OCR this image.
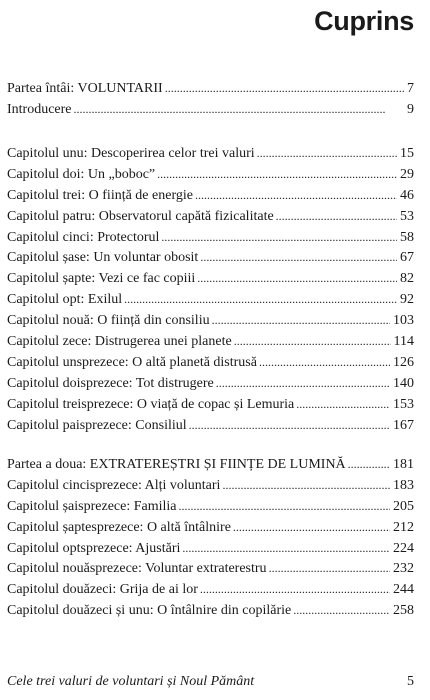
Cuprins
Partea întâi: VOLUNTARII . . .	7
Introducere . . .	9
Capitolul unu: Descoperirea celor trei valuri . . .	15
Capitolul doi: Un „boboc” . . .	29
Capitolul trei: O ființă de energie . . .	46
Capitolul patru: Observatorul capătă fizicalitate . . .	53
Capitolul cinci: Protectorul . . .	58
Capitolul șase: Un voluntar obosit . . .	67
Capitolul șapte: Vezi ce fac copiii . . .	82
Capitolul opt: Exilul . . .	92
Capitolul nouă: O ființă din consiliu . . .	103
Capitolul zece: Distrugerea unei planete . . .	114
Capitolul unsprezece: O altă planetă distrusă . . .	126
Capitolul doisprezece: Tot distrugere . . .	140
Capitolul treisprezece: O viață de copac și Lemuria . . .	153
Capitolul paisprezece: Consiliul . . .	167
Partea a doua: EXTRATEREȘTRI ȘI FIINȚE DE LUMINĂ . . .	181
Capitolul cincisprezece: Alți voluntari . . .	183
Capitolul șaisprezece: Familia . . .	205
Capitolul șaptesprezece: O altă întâlnire . . .	212
Capitolul optsprezece: Ajustări . . .	224
Capitolul nouăsprezece: Voluntar extraterestru . . .	232
Capitolul douăzeci: Grija de ai lor . . .	244
Capitolul douăzeci și unu: O întâlnire din copilărie . . .	258
Cele trei valuri de voluntari și Noul Pământ	5
